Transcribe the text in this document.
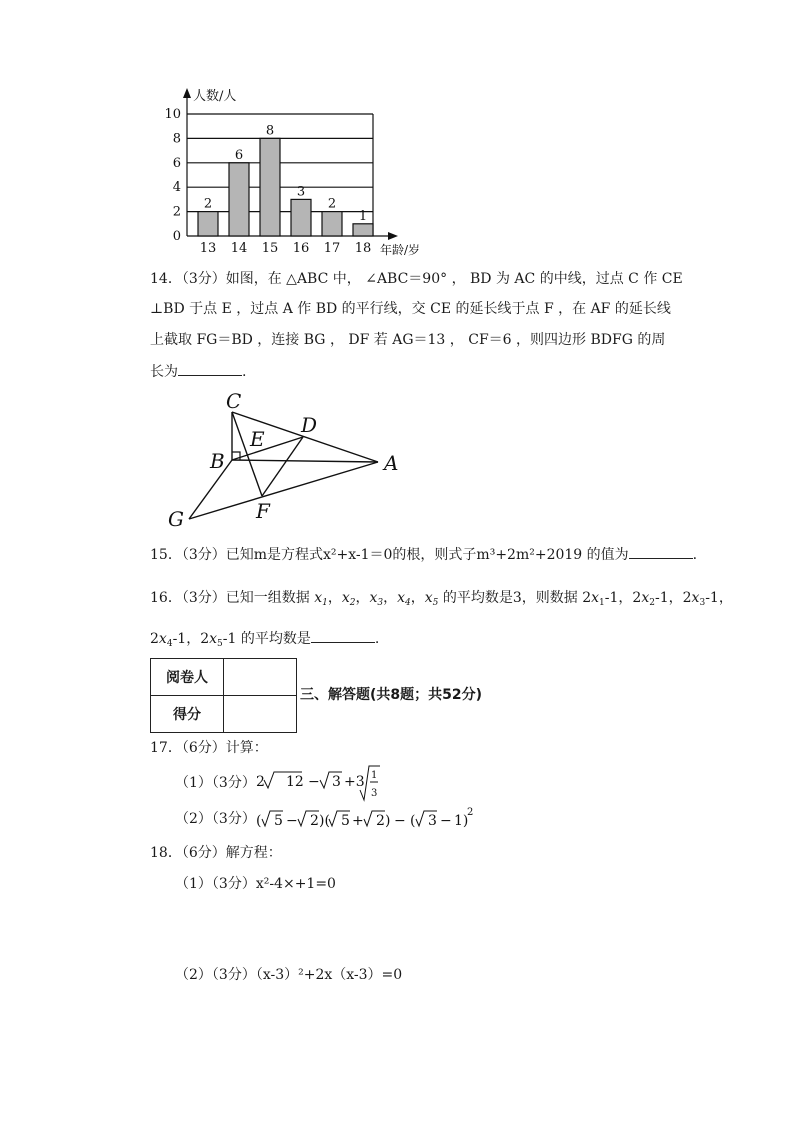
0
2
4
6
8
10
人数/人
年龄/岁
2
13
6
14
8
15
3
16
2
17
1
18
14．（3分）如图，在 △ABC 中， ∠ABC＝90° ， BD 为 AC 的中线，过点 C 作 CE
⊥BD 于点 E ，过点 A 作 BD 的平行线，交 CE 的延长线于点 F ，在 AF 的延长线
上截取 FG＝BD ，连接 BG ， DF 若 AG＝13 ， CF＝6 ，则四边形 BDFG 的周
长为	.
C
D
E
B	A
G	F
15．（3分）已知m是方程式x²+x-1＝0的根，则式子m³+2m²+2019 的值为	.
16．（3分）已知一组数据 $x_1$，$x_2$，$x_3$，$x_4$，$x_5$ 的平均数是3，则数据 $2x_1-1$，$2x_2-1$，$2x_3-1$，
$2x_4-1$，$2x_5-1$ 的平均数是	.
阅卷人	
得分	
三、解答题(共8题；共52分)
17．（6分）计算：
（1）（3分） 2 12 − 3 +3 1
3
（2）（3分） ( 5 − 2 )( 5 + 2 ) − ( 3 − 1)
2
18．（6分）解方程：
（1）（3分）x²-4×+1=0
（2）（3分）（x-3）²+2x（x-3）=0
